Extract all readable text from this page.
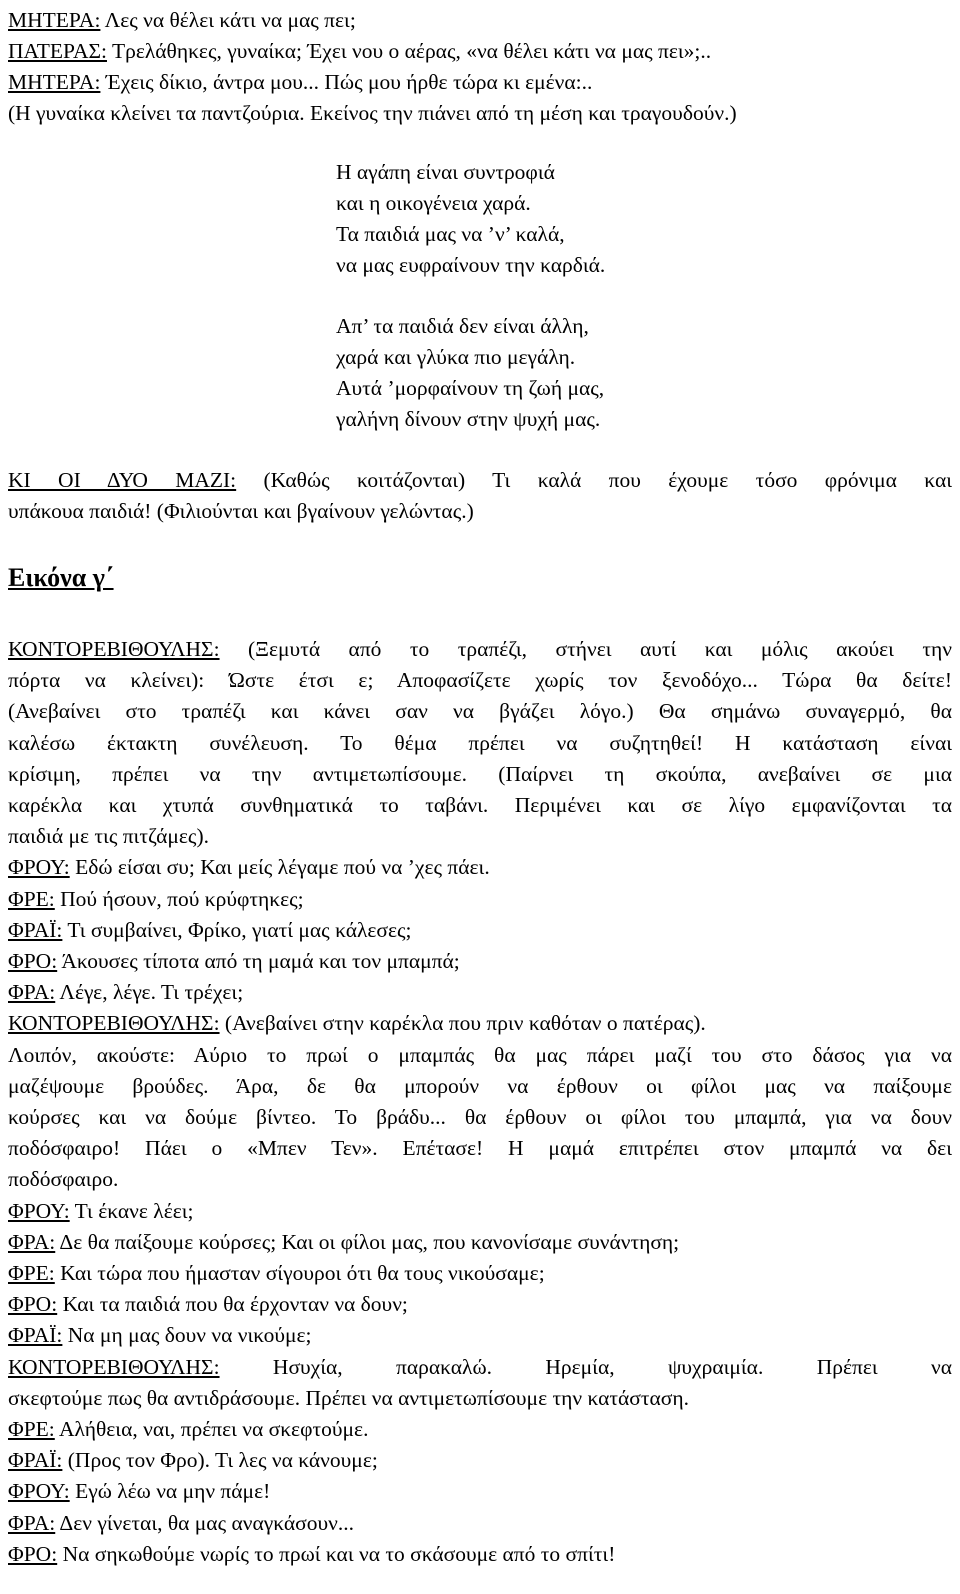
ΜΗΤΕΡΑ: Λες να θέλει κάτι να μας πει;
ΠΑΤΕΡΑΣ: Τρελάθηκες, γυναίκα; Έχει νου ο αέρας, «να θέλει κάτι να μας πει»;..
ΜΗΤΕΡΑ: Έχεις δίκιο, άντρα μου... Πώς μου ήρθε τώρα κι εμένα:..
(Η γυναίκα κλείνει τα παντζούρια. Εκείνος την πιάνει από τη μέση και τραγουδούν.)
Η αγάπη είναι συντροφιά
και η οικογένεια χαρά.
Τα παιδιά μας να ’ν’ καλά,
να μας ευφραίνουν την καρδιά.
Απ’ τα παιδιά δεν είναι άλλη,
χαρά και γλύκα πιο μεγάλη.
Αυτά ’μορφαίνουν τη ζωή μας,
γαλήνη δίνουν στην ψυχή μας.
ΚΙ ΟΙ ΔΥΟ ΜΑΖΙ: (Καθώς κοιτάζονται) Τι καλά που έχουμε τόσο φρόνιμα και
υπάκουα παιδιά! (Φιλιούνται και βγαίνουν γελώντας.)
Εικόνα γ΄
ΚΟΝΤΟΡΕΒΙΘΟΥΛΗΣ: (Ξεμυτά από το τραπέζι, στήνει αυτί και μόλις ακούει την
πόρτα να κλείνει): Ώστε έτσι ε; Αποφασίζετε χωρίς τον ξενοδόχο... Τώρα θα δείτε!
(Ανεβαίνει στο τραπέζι και κάνει σαν να βγάζει λόγο.) Θα σημάνω συναγερμό, θα
καλέσω έκτακτη συνέλευση. Το θέμα πρέπει να συζητηθεί! Η κατάσταση είναι
κρίσιμη, πρέπει να την αντιμετωπίσουμε. (Παίρνει τη σκούπα, ανεβαίνει σε μια
καρέκλα και χτυπά συνθηματικά το ταβάνι. Περιμένει και σε λίγο εμφανίζονται τα
παιδιά με τις πιτζάμες).
ΦΡΟΥ: Εδώ είσαι συ; Και μείς λέγαμε πού να ’χες πάει.
ΦΡΕ: Πού ήσουν, πού κρύφτηκες;
ΦΡΑΪ: Τι συμβαίνει, Φρίκο, γιατί μας κάλεσες;
ΦΡΟ: Άκουσες τίποτα από τη μαμά και τον μπαμπά;
ΦΡΑ: Λέγε, λέγε. Τι τρέχει;
ΚΟΝΤΟΡΕΒΙΘΟΥΛΗΣ: (Ανεβαίνει στην καρέκλα που πριν καθόταν ο πατέρας).
Λοιπόν, ακούστε: Αύριο το πρωί ο μπαμπάς θα μας πάρει μαζί του στο δάσος για να
μαζέψουμε βρούδες. Άρα, δε θα μπορούν να έρθουν οι φίλοι μας να παίξουμε
κούρσες και να δούμε βίντεο. Το βράδυ... θα έρθουν οι φίλοι του μπαμπά, για να δουν
ποδόσφαιρο! Πάει ο «Μπεν Τεν». Επέτασε! Η μαμά επιτρέπει στον μπαμπά να δει
ποδόσφαιρο.
ΦΡΟΥ: Τι έκανε λέει;
ΦΡΑ: Δε θα παίξουμε κούρσες; Και οι φίλοι μας, που κανονίσαμε συνάντηση;
ΦΡΕ: Και τώρα που ήμασταν σίγουροι ότι θα τους νικούσαμε;
ΦΡΟ: Και τα παιδιά που θα έρχονταν να δουν;
ΦΡΑΪ: Να μη μας δουν να νικούμε;
ΚΟΝΤΟΡΕΒΙΘΟΥΛΗΣ: Ησυχία, παρακαλώ. Ηρεμία, ψυχραιμία. Πρέπει να
σκεφτούμε πως θα αντιδράσουμε. Πρέπει να αντιμετωπίσουμε την κατάσταση.
ΦΡΕ: Αλήθεια, ναι, πρέπει να σκεφτούμε.
ΦΡΑΪ: (Προς τον Φρο). Τι λες να κάνουμε;
ΦΡΟΥ: Εγώ λέω να μην πάμε!
ΦΡΑ: Δεν γίνεται, θα μας αναγκάσουν...
ΦΡΟ: Να σηκωθούμε νωρίς το πρωί και να το σκάσουμε από το σπίτι!
